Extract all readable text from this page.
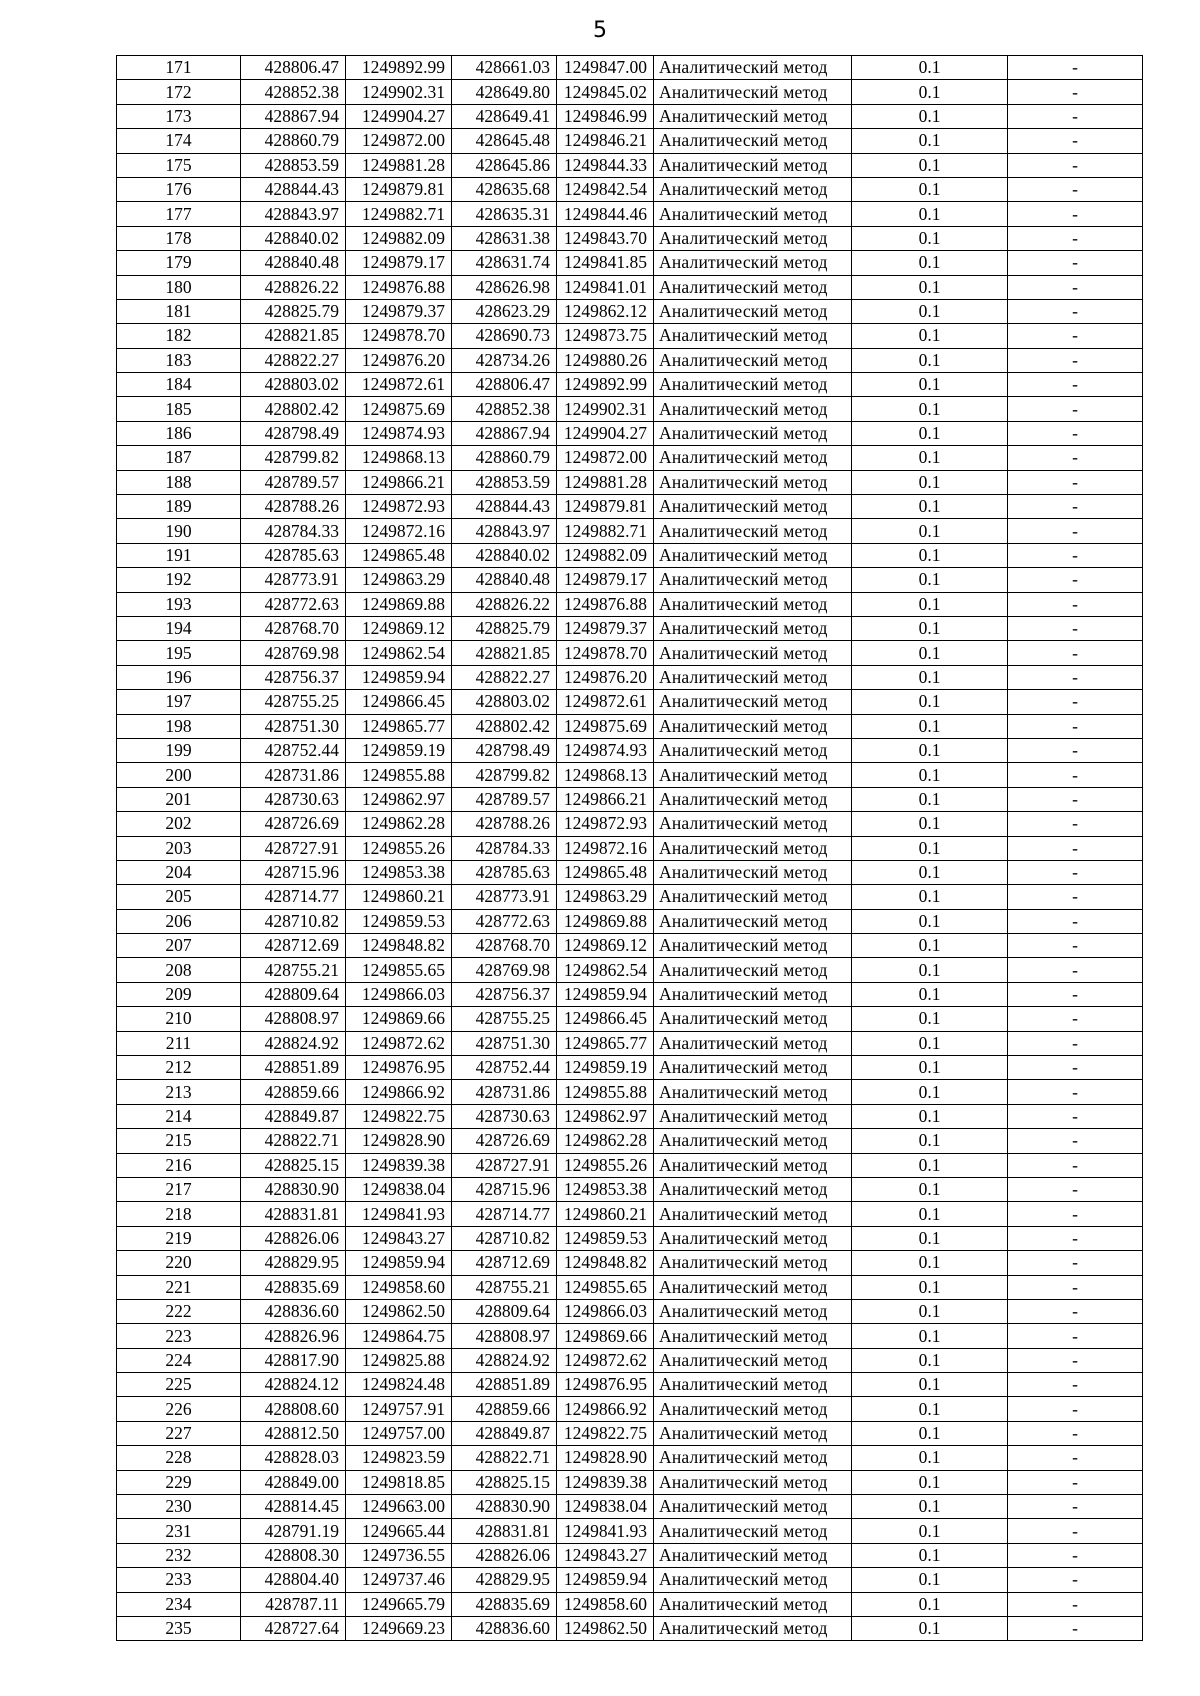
5
171	428806.47	1249892.99	428661.03	1249847.00	Аналитический метод	0.1	-
172	428852.38	1249902.31	428649.80	1249845.02	Аналитический метод	0.1	-
173	428867.94	1249904.27	428649.41	1249846.99	Аналитический метод	0.1	-
174	428860.79	1249872.00	428645.48	1249846.21	Аналитический метод	0.1	-
175	428853.59	1249881.28	428645.86	1249844.33	Аналитический метод	0.1	-
176	428844.43	1249879.81	428635.68	1249842.54	Аналитический метод	0.1	-
177	428843.97	1249882.71	428635.31	1249844.46	Аналитический метод	0.1	-
178	428840.02	1249882.09	428631.38	1249843.70	Аналитический метод	0.1	-
179	428840.48	1249879.17	428631.74	1249841.85	Аналитический метод	0.1	-
180	428826.22	1249876.88	428626.98	1249841.01	Аналитический метод	0.1	-
181	428825.79	1249879.37	428623.29	1249862.12	Аналитический метод	0.1	-
182	428821.85	1249878.70	428690.73	1249873.75	Аналитический метод	0.1	-
183	428822.27	1249876.20	428734.26	1249880.26	Аналитический метод	0.1	-
184	428803.02	1249872.61	428806.47	1249892.99	Аналитический метод	0.1	-
185	428802.42	1249875.69	428852.38	1249902.31	Аналитический метод	0.1	-
186	428798.49	1249874.93	428867.94	1249904.27	Аналитический метод	0.1	-
187	428799.82	1249868.13	428860.79	1249872.00	Аналитический метод	0.1	-
188	428789.57	1249866.21	428853.59	1249881.28	Аналитический метод	0.1	-
189	428788.26	1249872.93	428844.43	1249879.81	Аналитический метод	0.1	-
190	428784.33	1249872.16	428843.97	1249882.71	Аналитический метод	0.1	-
191	428785.63	1249865.48	428840.02	1249882.09	Аналитический метод	0.1	-
192	428773.91	1249863.29	428840.48	1249879.17	Аналитический метод	0.1	-
193	428772.63	1249869.88	428826.22	1249876.88	Аналитический метод	0.1	-
194	428768.70	1249869.12	428825.79	1249879.37	Аналитический метод	0.1	-
195	428769.98	1249862.54	428821.85	1249878.70	Аналитический метод	0.1	-
196	428756.37	1249859.94	428822.27	1249876.20	Аналитический метод	0.1	-
197	428755.25	1249866.45	428803.02	1249872.61	Аналитический метод	0.1	-
198	428751.30	1249865.77	428802.42	1249875.69	Аналитический метод	0.1	-
199	428752.44	1249859.19	428798.49	1249874.93	Аналитический метод	0.1	-
200	428731.86	1249855.88	428799.82	1249868.13	Аналитический метод	0.1	-
201	428730.63	1249862.97	428789.57	1249866.21	Аналитический метод	0.1	-
202	428726.69	1249862.28	428788.26	1249872.93	Аналитический метод	0.1	-
203	428727.91	1249855.26	428784.33	1249872.16	Аналитический метод	0.1	-
204	428715.96	1249853.38	428785.63	1249865.48	Аналитический метод	0.1	-
205	428714.77	1249860.21	428773.91	1249863.29	Аналитический метод	0.1	-
206	428710.82	1249859.53	428772.63	1249869.88	Аналитический метод	0.1	-
207	428712.69	1249848.82	428768.70	1249869.12	Аналитический метод	0.1	-
208	428755.21	1249855.65	428769.98	1249862.54	Аналитический метод	0.1	-
209	428809.64	1249866.03	428756.37	1249859.94	Аналитический метод	0.1	-
210	428808.97	1249869.66	428755.25	1249866.45	Аналитический метод	0.1	-
211	428824.92	1249872.62	428751.30	1249865.77	Аналитический метод	0.1	-
212	428851.89	1249876.95	428752.44	1249859.19	Аналитический метод	0.1	-
213	428859.66	1249866.92	428731.86	1249855.88	Аналитический метод	0.1	-
214	428849.87	1249822.75	428730.63	1249862.97	Аналитический метод	0.1	-
215	428822.71	1249828.90	428726.69	1249862.28	Аналитический метод	0.1	-
216	428825.15	1249839.38	428727.91	1249855.26	Аналитический метод	0.1	-
217	428830.90	1249838.04	428715.96	1249853.38	Аналитический метод	0.1	-
218	428831.81	1249841.93	428714.77	1249860.21	Аналитический метод	0.1	-
219	428826.06	1249843.27	428710.82	1249859.53	Аналитический метод	0.1	-
220	428829.95	1249859.94	428712.69	1249848.82	Аналитический метод	0.1	-
221	428835.69	1249858.60	428755.21	1249855.65	Аналитический метод	0.1	-
222	428836.60	1249862.50	428809.64	1249866.03	Аналитический метод	0.1	-
223	428826.96	1249864.75	428808.97	1249869.66	Аналитический метод	0.1	-
224	428817.90	1249825.88	428824.92	1249872.62	Аналитический метод	0.1	-
225	428824.12	1249824.48	428851.89	1249876.95	Аналитический метод	0.1	-
226	428808.60	1249757.91	428859.66	1249866.92	Аналитический метод	0.1	-
227	428812.50	1249757.00	428849.87	1249822.75	Аналитический метод	0.1	-
228	428828.03	1249823.59	428822.71	1249828.90	Аналитический метод	0.1	-
229	428849.00	1249818.85	428825.15	1249839.38	Аналитический метод	0.1	-
230	428814.45	1249663.00	428830.90	1249838.04	Аналитический метод	0.1	-
231	428791.19	1249665.44	428831.81	1249841.93	Аналитический метод	0.1	-
232	428808.30	1249736.55	428826.06	1249843.27	Аналитический метод	0.1	-
233	428804.40	1249737.46	428829.95	1249859.94	Аналитический метод	0.1	-
234	428787.11	1249665.79	428835.69	1249858.60	Аналитический метод	0.1	-
235	428727.64	1249669.23	428836.60	1249862.50	Аналитический метод	0.1	-
